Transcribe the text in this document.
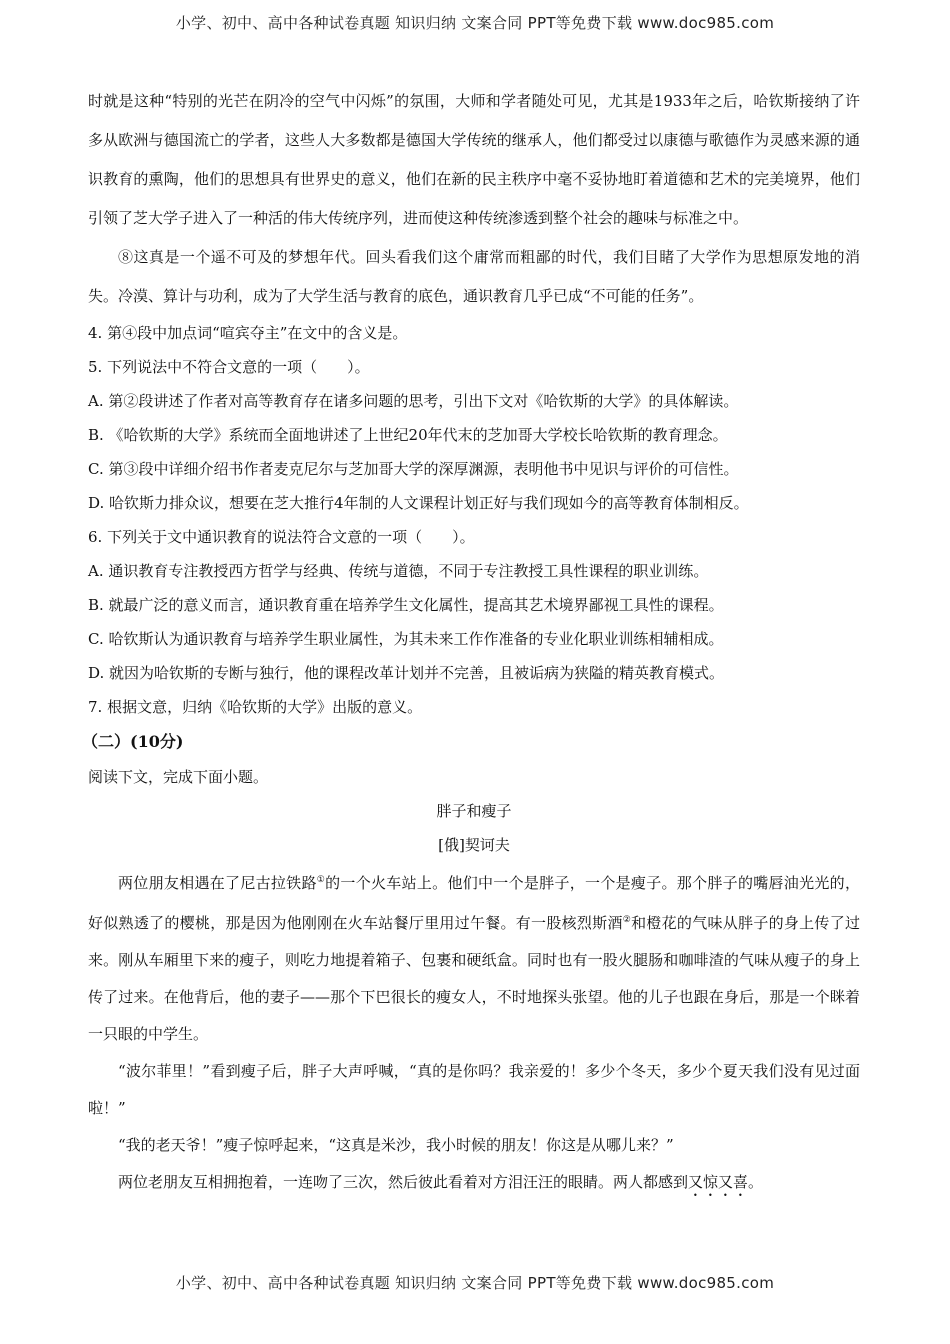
小学、初中、高中各种试卷真题 知识归纳 文案合同 PPT等免费下载 www.doc985.com

时就是这种“特别的光芒在阴冷的空气中闪烁”的氛围，大师和学者随处可见，尤其是1933年之后，哈钦斯接纳了许多从欧洲与德国流亡的学者，这些人大多数都是德国大学传统的继承人，他们都受过以康德与歌德作为灵感来源的通识教育的熏陶，他们的思想具有世界史的意义，他们在新的民主秩序中毫不妥协地盯着道德和艺术的完美境界，他们引领了芝大学子进入了一种活的伟大传统序列，进而使这种传统渗透到整个社会的趣味与标准之中。

⑧这真是一个遥不可及的梦想年代。回头看我们这个庸常而粗鄙的时代，我们目睹了大学作为思想原发地的消失。冷漠、算计与功利，成为了大学生活与教育的底色，通识教育几乎已成“不可能的任务”。

4. 第④段中加点词“喧宾夺主”在文中的含义是。

5. 下列说法中不符合文意的一项（　　）。

A. 第②段讲述了作者对高等教育存在诸多问题的思考，引出下文对《哈钦斯的大学》的具体解读。

B. 《哈钦斯的大学》系统而全面地讲述了上世纪20年代末的芝加哥大学校长哈钦斯的教育理念。

C. 第③段中详细介绍书作者麦克尼尔与芝加哥大学的深厚渊源，表明他书中见识与评价的可信性。

D. 哈钦斯力排众议，想要在芝大推行4年制的人文课程计划正好与我们现如今的高等教育体制相反。

6. 下列关于文中通识教育的说法符合文意的一项（　　）。

A. 通识教育专注教授西方哲学与经典、传统与道德，不同于专注教授工具性课程的职业训练。

B. 就最广泛的意义而言，通识教育重在培养学生文化属性，提高其艺术境界鄙视工具性的课程。

C. 哈钦斯认为通识教育与培养学生职业属性，为其未来工作作准备的专业化职业训练相辅相成。

D. 就因为哈钦斯的专断与独行，他的课程改革计划并不完善，且被诟病为狭隘的精英教育模式。

7. 根据文意，归纳《哈钦斯的大学》出版的意义。

（二）(10分)

阅读下文，完成下面小题。

胖子和瘦子

[俄]契诃夫

两位朋友相遇在了尼古拉铁路①的一个火车站上。他们中一个是胖子，一个是瘦子。那个胖子的嘴唇油光光的，好似熟透了的樱桃，那是因为他刚刚在火车站餐厅里用过午餐。有一股核烈斯酒②和橙花的气味从胖子的身上传了过来。刚从车厢里下来的瘦子，则吃力地提着箱子、包裹和硬纸盒。同时也有一股火腿肠和咖啡渣的气味从瘦子的身上传了过来。在他背后，他的妻子——那个下巴很长的瘦女人，不时地探头张望。他的儿子也跟在身后，那是一个眯着一只眼的中学生。

“波尔菲里！”看到瘦子后，胖子大声呼喊，“真的是你吗？我亲爱的！多少个冬天，多少个夏天我们没有见过面啦！”

“我的老天爷！”瘦子惊呼起来，“这真是米沙，我小时候的朋友！你这是从哪儿来？”

两位老朋友互相拥抱着，一连吻了三次，然后彼此看着对方泪汪汪的眼睛。两人都感到又惊又喜。

小学、初中、高中各种试卷真题 知识归纳 文案合同 PPT等免费下载 www.doc985.com
